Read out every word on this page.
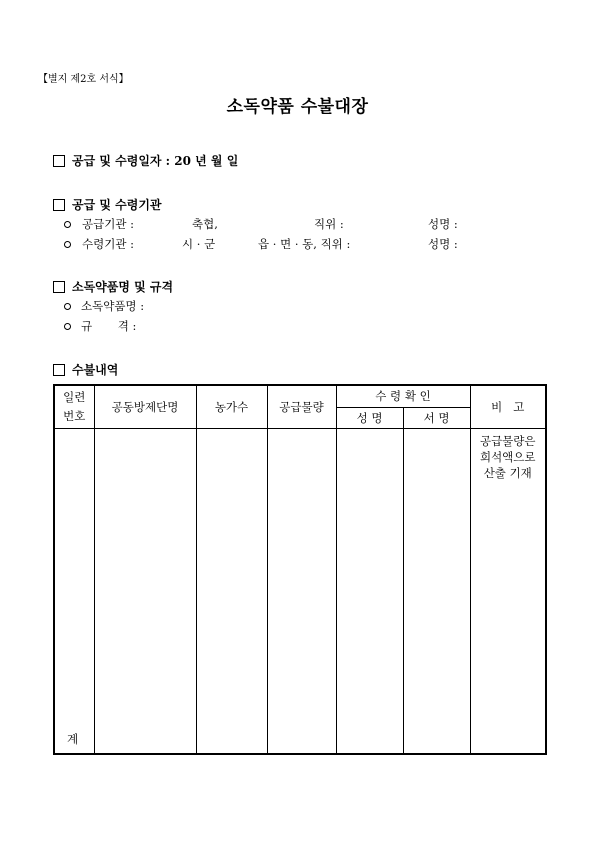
【별지 제2호 서식】
소독약품 수불대장
공급 및 수령일자 : 20 년 월 일
공급 및 수령기관
공급기관 :	축협,	직위 :	성명 :
수령기관 :	시 · 군	읍 · 면 · 동, 직위 :	성명 :
소독약품명 및 규격
소독약품명 :
규       격 :
수불내역
일련
번호	공동방제단명	농가수	공급물량	수 령 확 인		비   고
				성 명	서 명	
계						공급물량은
희석액으로
산출 기재
